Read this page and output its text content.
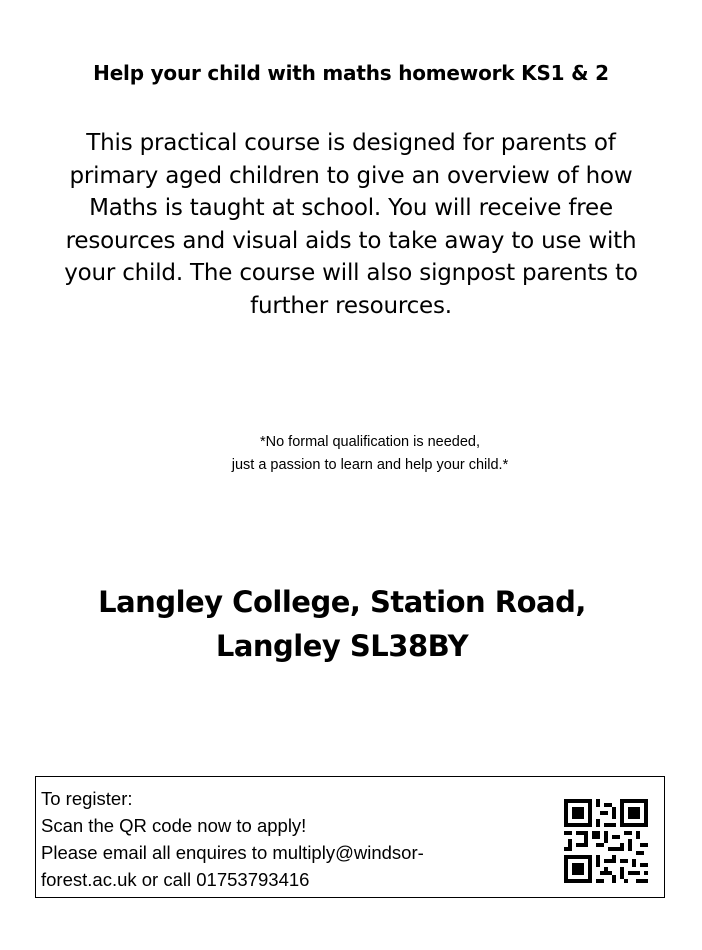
Help your child with maths homework KS1 & 2
This practical course is designed for parents of
primary aged children to give an overview of how
Maths is taught at school. You will receive free
resources and visual aids to take away to use with
your child. The course will also signpost parents to
further resources.
*No formal qualification is needed,
just a passion to learn and help your child.*
Langley College, Station Road,
Langley SL38BY
To register:
Scan the QR code now to apply!
Please email all enquires to multiply@windsor-
forest.ac.uk or call 01753793416
